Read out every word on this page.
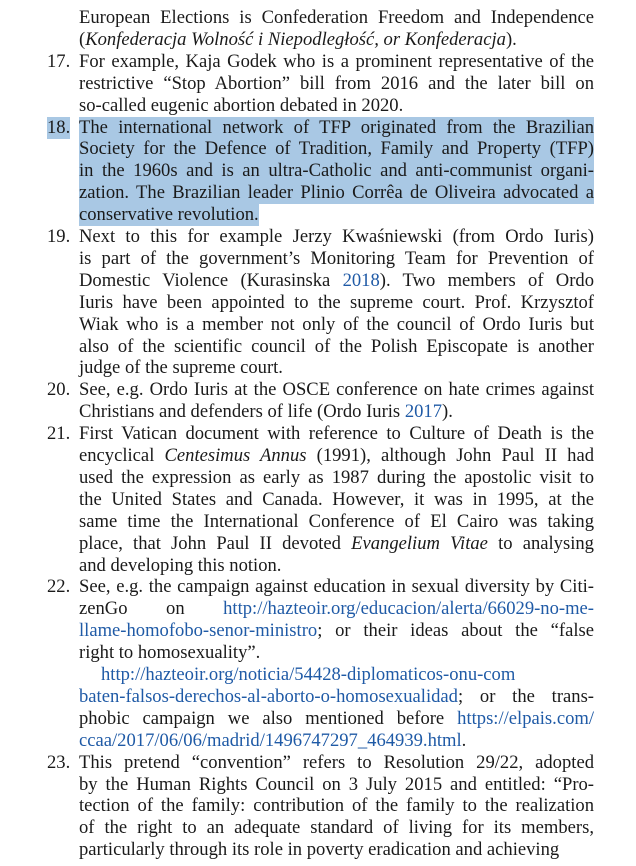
European Elections is Confederation Freedom and Independence
(Konfederacja Wolność i Niepodległość, or Konfederacja).
17. For example, Kaja Godek who is a prominent representative of the
restrictive “Stop Abortion” bill from 2016 and the later bill on
so-called eugenic abortion debated in 2020.
18. The international network of TFP originated from the Brazilian
Society for the Defence of Tradition, Family and Property (TFP)
in the 1960s and is an ultra-Catholic and anti-communist organi-
zation. The Brazilian leader Plinio Corrêa de Oliveira advocated a
conservative revolution.
19. Next to this for example Jerzy Kwaśniewski (from Ordo Iuris)
is part of the government’s Monitoring Team for Prevention of
Domestic Violence (Kurasinska 2018). Two members of Ordo
Iuris have been appointed to the supreme court. Prof. Krzysztof
Wiak who is a member not only of the council of Ordo Iuris but
also of the scientific council of the Polish Episcopate is another
judge of the supreme court.
20. See, e.g. Ordo Iuris at the OSCE conference on hate crimes against
Christians and defenders of life (Ordo Iuris 2017).
21. First Vatican document with reference to Culture of Death is the
encyclical Centesimus Annus (1991), although John Paul II had
used the expression as early as 1987 during the apostolic visit to
the United States and Canada. However, it was in 1995, at the
same time the International Conference of El Cairo was taking
place, that John Paul II devoted Evangelium Vitae to analysing
and developing this notion.
22. See, e.g. the campaign against education in sexual diversity by Citi-
zenGo on http://hazteoir.org/educacion/alerta/66029-no-me-
llame-homofobo-senor-ministro; or their ideas about the “false
right to homosexuality”.
http://hazteoir.org/noticia/54428-diplomaticos-onu-com
baten-falsos-derechos-al-aborto-o-homosexualidad; or the trans-
phobic campaign we also mentioned before https://elpais.com/
ccaa/2017/06/06/madrid/1496747297_464939.html.
23. This pretend “convention” refers to Resolution 29/22, adopted
by the Human Rights Council on 3 July 2015 and entitled: “Pro-
tection of the family: contribution of the family to the realization
of the right to an adequate standard of living for its members,
particularly through its role in poverty eradication and achieving
